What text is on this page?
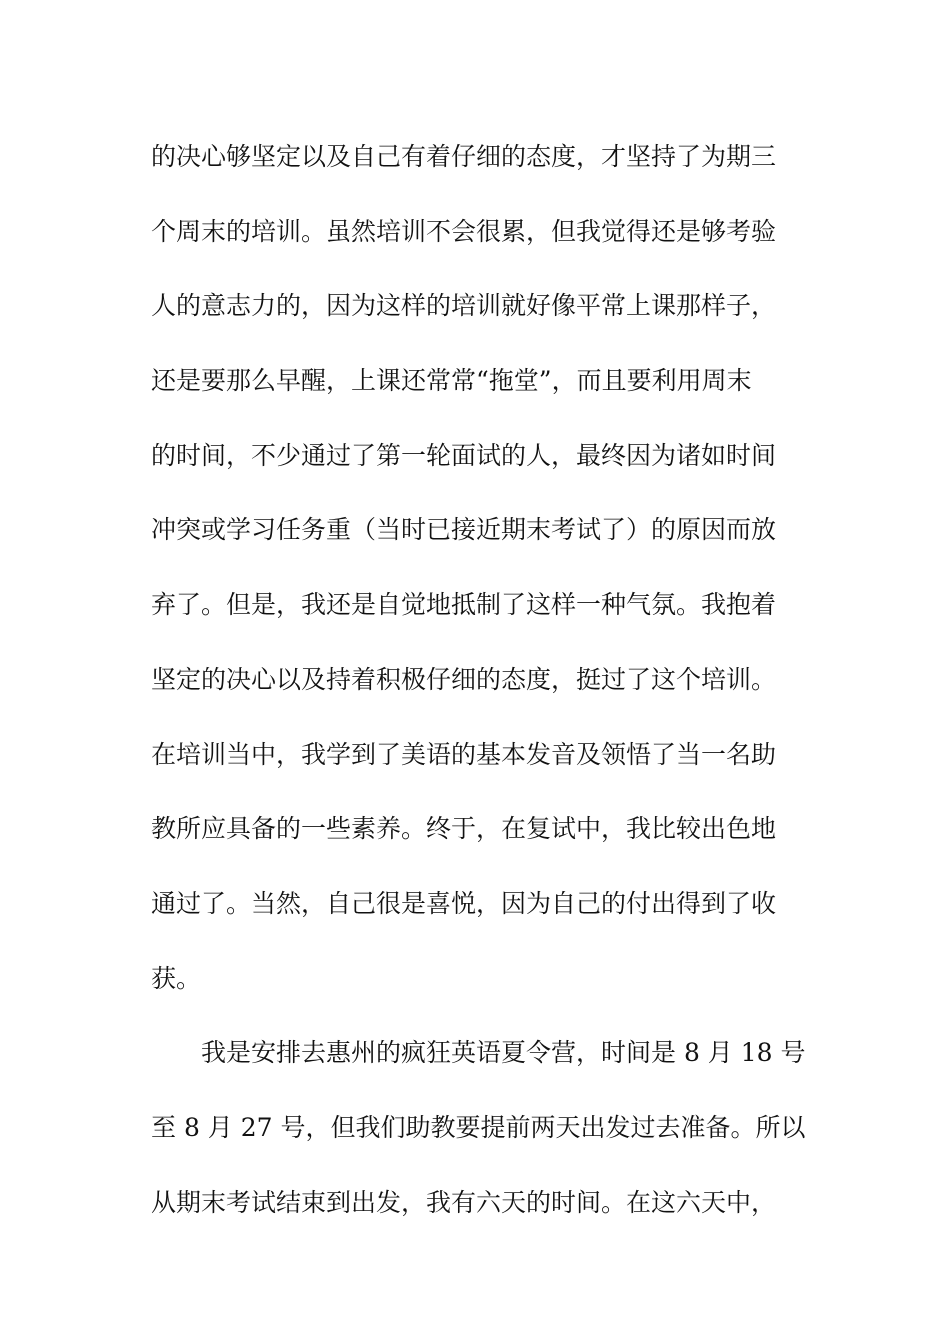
的决心够坚定以及自己有着仔细的态度，才坚持了为期三
个周末的培训。虽然培训不会很累，但我觉得还是够考验
人的意志力的，因为这样的培训就好像平常上课那样子，
还是要那么早醒，上课还常常“拖堂”，而且要利用周末
的时间，不少通过了第一轮面试的人，最终因为诸如时间
冲突或学习任务重（当时已接近期末考试了）的原因而放
弃了。但是，我还是自觉地抵制了这样一种气氛。我抱着
坚定的决心以及持着积极仔细的态度，挺过了这个培训。
在培训当中，我学到了美语的基本发音及领悟了当一名助
教所应具备的一些素养。终于，在复试中，我比较出色地
通过了。当然，自己很是喜悦，因为自己的付出得到了收
获。
我是安排去惠州的疯狂英语夏令营，时间是 8 月 18 号
至 8 月 27 号，但我们助教要提前两天出发过去准备。所以
从期末考试结束到出发，我有六天的时间。在这六天中，
